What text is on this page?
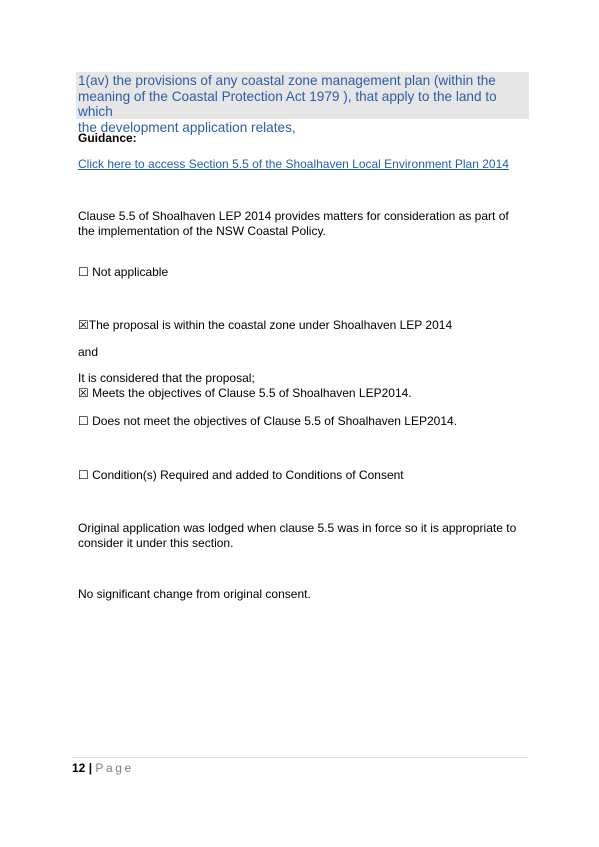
1(av) the provisions of any coastal zone management plan (within the
meaning of the Coastal Protection Act 1979 ), that apply to the land to which
the development application relates,

Guidance:

Click here to access Section 5.5 of the Shoalhaven Local Environment Plan 2014

Clause 5.5 of Shoalhaven LEP 2014 provides matters for consideration as part of
the implementation of the NSW Coastal Policy.

☐ Not applicable

☒The proposal is within the coastal zone under Shoalhaven LEP 2014

and

It is considered that the proposal;
☒ Meets the objectives of Clause 5.5 of Shoalhaven LEP2014.

☐ Does not meet the objectives of Clause 5.5 of Shoalhaven LEP2014.

☐ Condition(s) Required and added to Conditions of Consent

Original application was lodged when clause 5.5 was in force so it is appropriate to
consider it under this section.

No significant change from original consent.

12 | Page
